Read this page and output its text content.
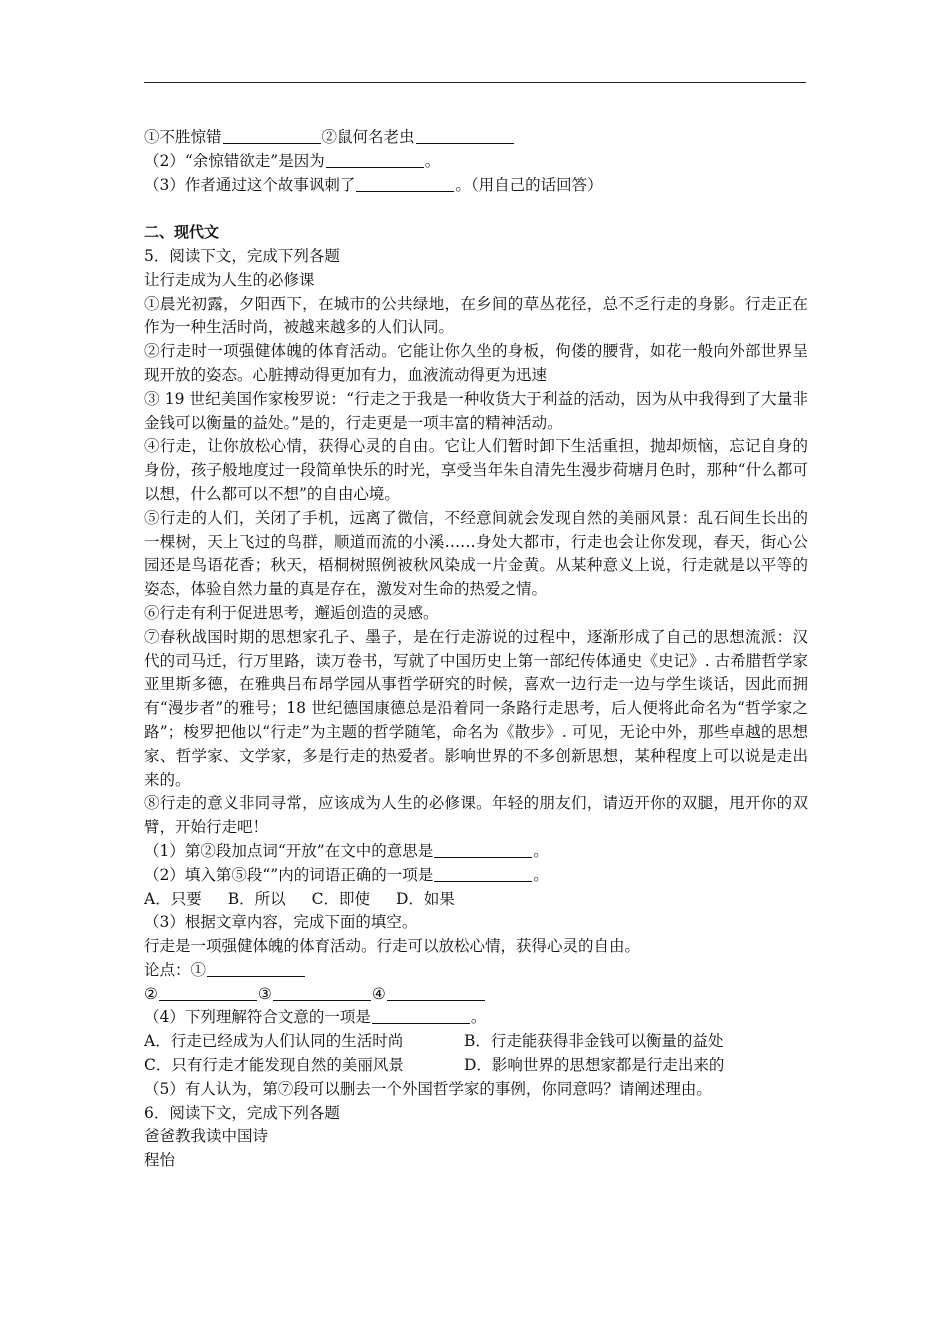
①不胜惊错	②鼠何名老虫
（2）“余惊错欲走”是因为	。
（3）作者通过这个故事讽刺了	。（用自己的话回答）
二、现代文
5．阅读下文，完成下列各题
让行走成为人生的必修课
①晨光初露，夕阳西下，在城市的公共绿地，在乡间的草丛花径，总不乏行走的身影。行走正在作为一种生活时尚，被越来越多的人们认同。
②行走时一项强健体魄的体育活动。它能让你久坐的身板，佝偻的腰背，如花一般向外部世界呈现开放的姿态。心脏搏动得更加有力，血液流动得更为迅速
③ 19 世纪美国作家梭罗说：“行走之于我是一种收货大于利益的活动，因为从中我得到了大量非金钱可以衡量的益处。”是的，行走更是一项丰富的精神活动。
④行走，让你放松心情，获得心灵的自由。它让人们暂时卸下生活重担，抛却烦恼，忘记自身的身份，孩子般地度过一段简单快乐的时光，享受当年朱自清先生漫步荷塘月色时，那种“什么都可以想，什么都可以不想”的自由心境。
⑤行走的人们，关闭了手机，远离了微信，不经意间就会发现自然的美丽风景：乱石间生长出的一棵树，天上飞过的鸟群，顺道而流的小溪……身处大都市，行走也会让你发现，春天，街心公园还是鸟语花香；秋天，梧桐树照例被秋风染成一片金黄。从某种意义上说，行走就是以平等的姿态，体验自然力量的真是存在，激发对生命的热爱之情。
⑥行走有利于促进思考，邂逅创造的灵感。
⑦春秋战国时期的思想家孔子、墨子，是在行走游说的过程中，逐渐形成了自己的思想流派：汉代的司马迁，行万里路，读万卷书，写就了中国历史上第一部纪传体通史《史记》. 古希腊哲学家亚里斯多德，在雅典吕布昂学园从事哲学研究的时候，喜欢一边行走一边与学生谈话，因此而拥有“漫步者”的雅号；18 世纪德国康德总是沿着同一条路行走思考，后人便将此命名为“哲学家之路”；梭罗把他以“行走”为主题的哲学随笔，命名为《散步》. 可见，无论中外，那些卓越的思想家、哲学家、文学家，多是行走的热爱者。影响世界的不多创新思想，某种程度上可以说是走出来的。
⑧行走的意义非同寻常，应该成为人生的必修课。年轻的朋友们，请迈开你的双腿，甩开你的双臂，开始行走吧！
（1）第②段加点词“开放”在文中的意思是	。
（2）填入第⑤段“”内的词语正确的一项是	。
A．只要 B．所以 C．即使 D．如果
（3）根据文章内容，完成下面的填空。
行走是一项强健体魄的体育活动。行走可以放松心情，获得心灵的自由。
论点：①
②	③	④
（4）下列理解符合文意的一项是	。
A．行走已经成为人们认同的生活时尚	B．行走能获得非金钱可以衡量的益处
C．只有行走才能发现自然的美丽风景	D．影响世界的思想家都是行走出来的
（5）有人认为，第⑦段可以删去一个外国哲学家的事例，你同意吗？请阐述理由。
6．阅读下文，完成下列各题
爸爸教我读中国诗
程怡
